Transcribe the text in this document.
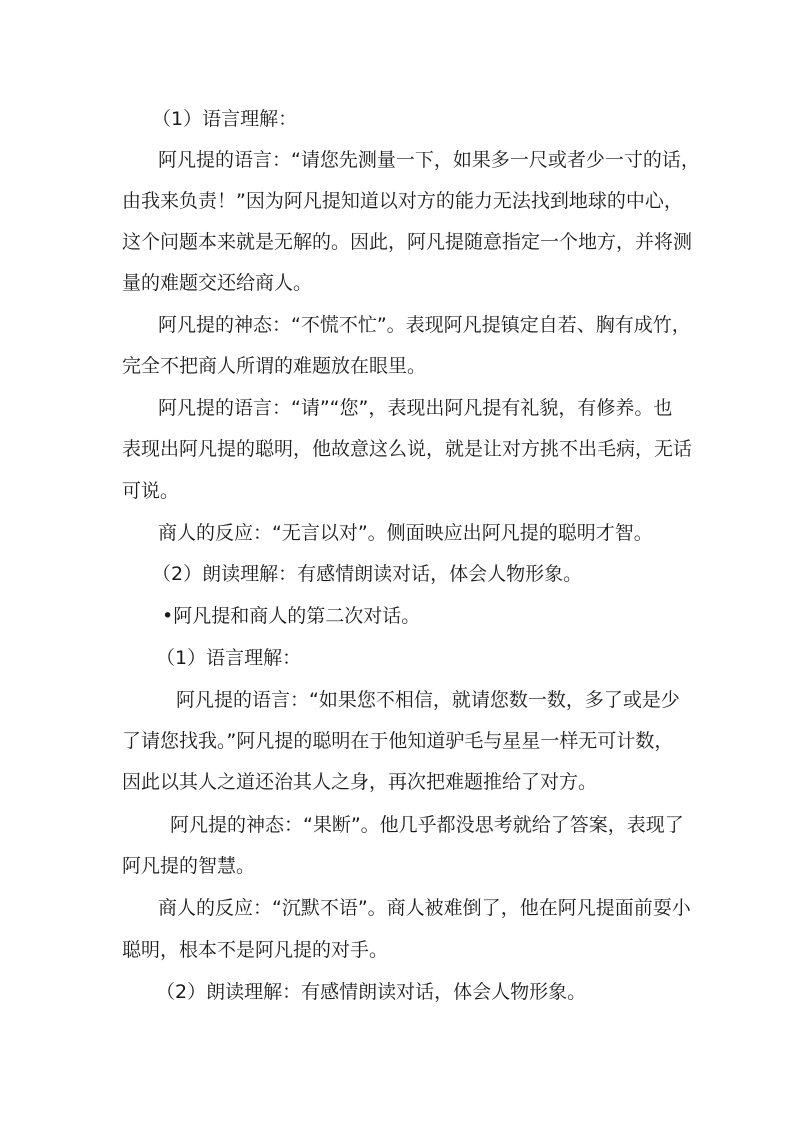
（1）语言理解：
阿凡提的语言：“请您先测量一下，如果多一尺或者少一寸的话，
由我来负责！”因为阿凡提知道以对方的能力无法找到地球的中心，
这个问题本来就是无解的。因此，阿凡提随意指定一个地方，并将测
量的难题交还给商人。
阿凡提的神态：“不慌不忙”。表现阿凡提镇定自若、胸有成竹，
完全不把商人所谓的难题放在眼里。
阿凡提的语言：“请”“您”，表现出阿凡提有礼貌，有修养。也
表现出阿凡提的聪明，他故意这么说，就是让对方挑不出毛病，无话
可说。
商人的反应：“无言以对”。侧面映应出阿凡提的聪明才智。
（2）朗读理解：有感情朗读对话，体会人物形象。
•阿凡提和商人的第二次对话。
（1）语言理解：
阿凡提的语言：“如果您不相信，就请您数一数，多了或是少
了请您找我。”阿凡提的聪明在于他知道驴毛与星星一样无可计数，
因此以其人之道还治其人之身，再次把难题推给了对方。
阿凡提的神态：“果断”。他几乎都没思考就给了答案，表现了
阿凡提的智慧。
商人的反应：“沉默不语”。商人被难倒了，他在阿凡提面前耍小
聪明，根本不是阿凡提的对手。
（2）朗读理解：有感情朗读对话，体会人物形象。
